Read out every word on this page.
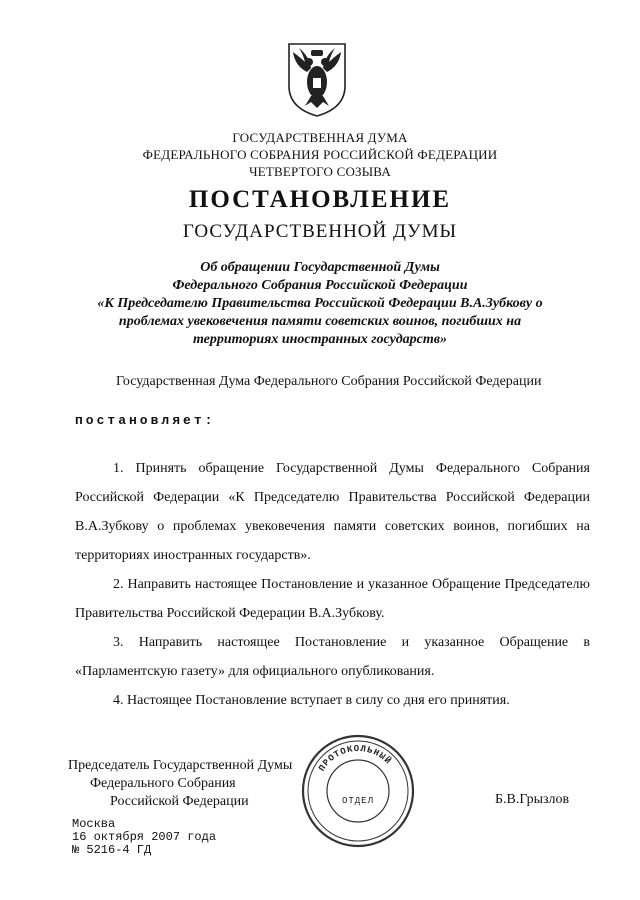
ГОСУДАРСТВЕННАЯ ДУМА
ФЕДЕРАЛЬНОГО СОБРАНИЯ РОССИЙСКОЙ ФЕДЕРАЦИИ
ЧЕТВЕРТОГО СОЗЫВА
ПОСТАНОВЛЕНИЕ
ГОСУДАРСТВЕННОЙ ДУМЫ
Об обращении Государственной Думы
Федерального Собрания Российской Федерации
«К Председателю Правительства Российской Федерации В.А.Зубкову о
проблемах увековечения памяти советских воинов, погибших на
территориях иностранных государств»
Государственная Дума Федерального Собрания Российской Федерации
постановляет:

1. Принять обращение Государственной Думы Федерального Собрания Российской Федерации «К Председателю Правительства Российской Федерации В.А.Зубкову о проблемах увековечения памяти советских воинов, погибших на территориях иностранных государств».

2. Направить настоящее Постановление и указанное Обращение Председателю Правительства Российской Федерации В.А.Зубкову.

3. Направить настоящее Постановление и указанное Обращение в «Парламентскую газету» для официального опубликования.

4. Настоящее Постановление вступает в силу со дня его принятия.

Председатель Государственной Думы
Федерального Собрания
Российской Федерации
ПРОТОКОЛЬНЫЙ
ОТДЕЛ	Б.В.Грызлов
Москва
16 октября 2007 года
№ 5216-4 ГД
